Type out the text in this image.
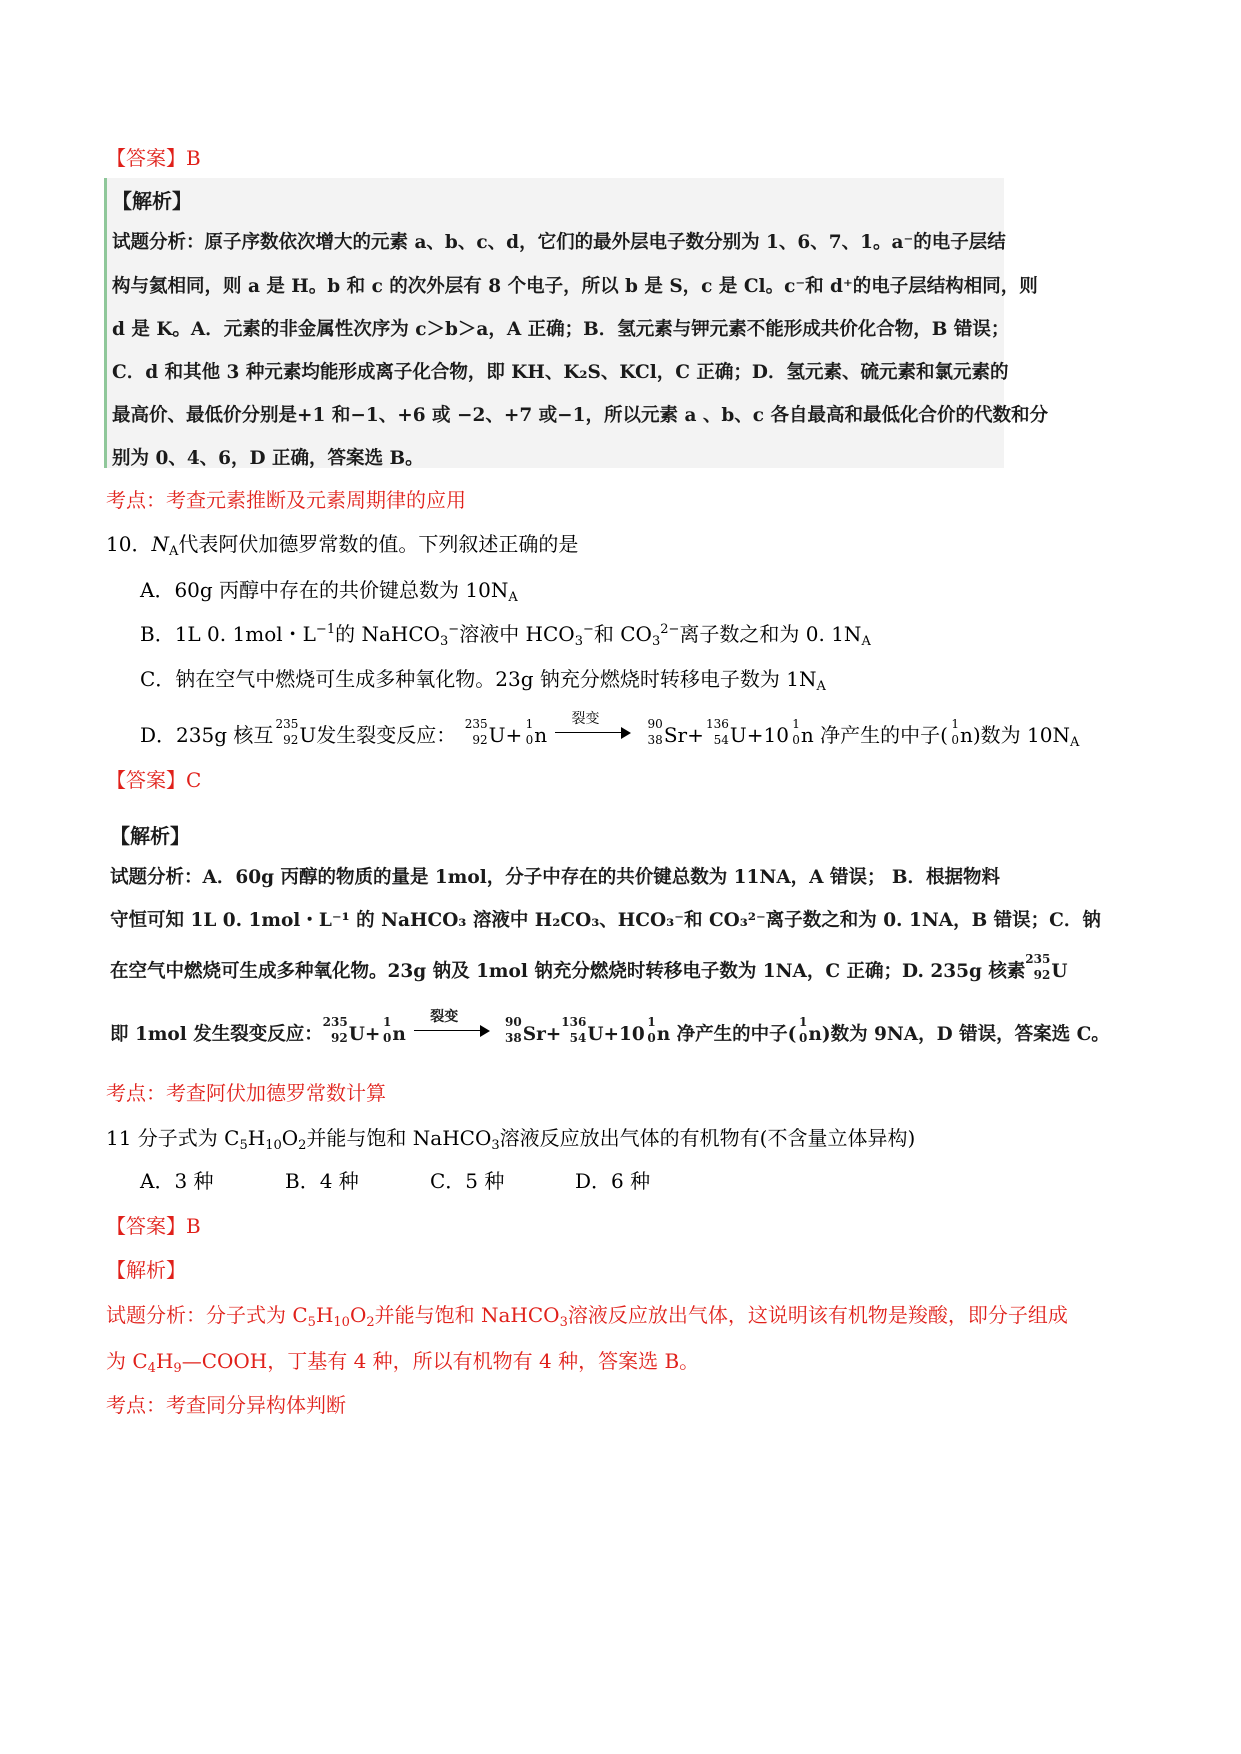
【答案】B
【解析】
试题分析：原子序数依次增大的元素 a、b、c、d，它们的最外层电子数分别为 1、6、7、1。a⁻的电子层结
构与氦相同，则 a 是 H。b 和 c 的次外层有 8 个电子，所以 b 是 S，c 是 Cl。c⁻和 d⁺的电子层结构相同，则
d 是 K。A．元素的非金属性次序为 c＞b＞a，A 正确；B．氢元素与钾元素不能形成共价化合物，B 错误；
C．d 和其他 3 种元素均能形成离子化合物，即 KH、K₂S、KCl，C 正确；D．氢元素、硫元素和氯元素的
最高价、最低价分别是+1 和−1、+6 或 −2、+7 或−1，所以元素 a 、b、c 各自最高和最低化合价的代数和分
别为 0、4、6，D 正确，答案选 B。
考点：考查元素推断及元素周期律的应用
10．$N_A$代表阿伏加德罗常数的值。下列叙述正确的是
A．60g 丙醇中存在的共价键总数为 $10N_A$
B．1L 0. 1mol・$L^{-1}$的 NaHCO$_3$−溶液中 $HCO_3^-$和 $CO_3^{2-}$离子数之和为 0. $1N_A$
C．钠在空气中燃烧可生成多种氧化物。23g 钠充分燃烧时转移电子数为 $1N_A$
D．235g 核互 235
92 U发生裂变反应： 235
92 U+ 1
0 n
裂变
	90
38 Sr+ 136
54 U+10 1
0 n 净产生的中子( 1
0 n)数为 $10N_A$
【答案】C
【解析】
试题分析：A．60g 丙醇的物质的量是 1mol，分子中存在的共价键总数为 11NA，A 错误； B．根据物料
守恒可知 1L 0. 1mol・L⁻¹ 的 NaHCO₃ 溶液中 H₂CO₃、HCO₃⁻和 CO₃²⁻离子数之和为 0. 1NA，B 错误；C．钠
在空气中燃烧可生成多种氧化物。23g 钠及 1mol 钠充分燃烧时转移电子数为 1NA，C 正确；D. 235g 核素
235
92 U
即 1mol 发生裂变反应：
235
92 U+
1
0 n
裂变
	90
38 Sr+
136
54 U+10
1
0 n 净产生的中子(
1
0 n)数为 9NA，D 错误，答案选 C。
考点：考查阿伏加德罗常数计算
11 分子式为 $C_5H_{10}O_2$并能与饱和 NaHCO$_3$溶液反应放出气体的有机物有(不含量立体异构)
A．3 种	B．4 种	C．5 种	D．6 种
【答案】B
【解析】
试题分析：分子式为 $C_5H_{10}O_2$并能与饱和 NaHCO$_3$溶液反应放出气体，这说明该有机物是羧酸，即分子组成
为 $C_4H_9—COOH$，丁基有 4 种，所以有机物有 4 种，答案选 B。
考点：考查同分异构体判断
